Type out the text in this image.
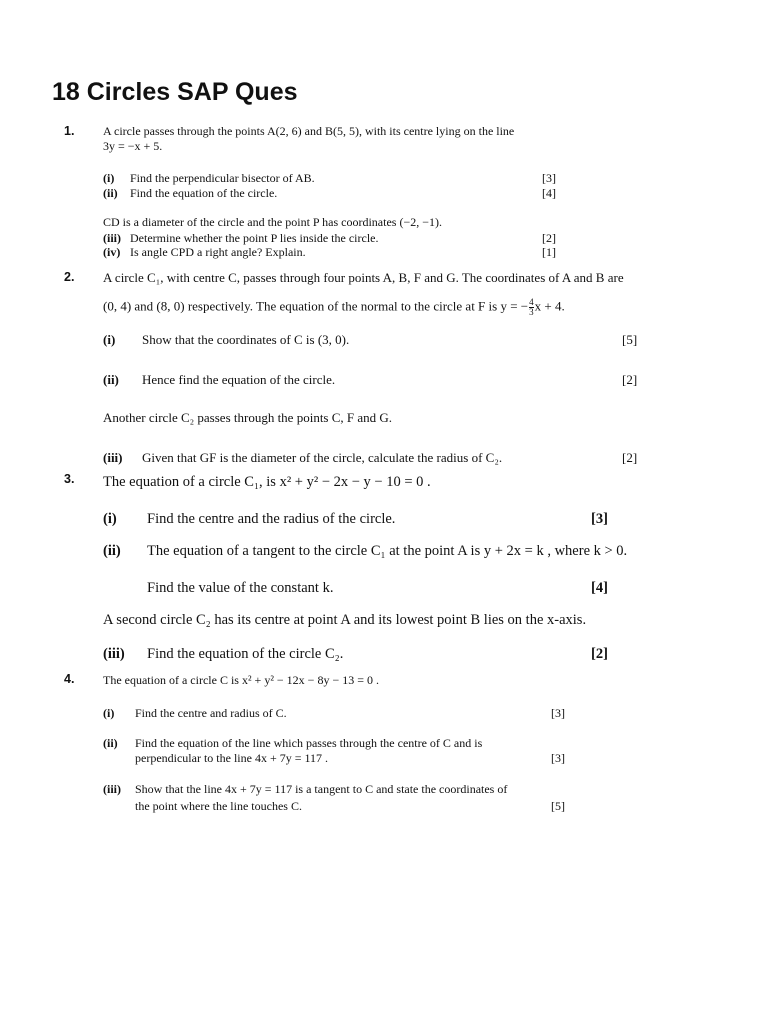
18 Circles SAP Ques
1. A circle passes through the points A(2, 6) and B(5, 5), with its centre lying on the line
3y = −x + 5.
(i) Find the perpendicular bisector of AB.	[3]
(ii) Find the equation of the circle.	[4]
CD is a diameter of the circle and the point P has coordinates (−2, −1).
(iii) Determine whether the point P lies inside the circle.	[2]
(iv) Is angle CPD a right angle? Explain.	[1]
2. A circle C₁, with centre C, passes through four points A, B, F and G. The coordinates of A and B are
(0, 4) and (8, 0) respectively. The equation of the normal to the circle at F is y = − $\frac{4}{3}$ x + 4.
(i) Show that the coordinates of C is (3, 0).	[5]
(ii) Hence find the equation of the circle.	[2]
Another circle C₂ passes through the points C, F and G.
(iii) Given that GF is the diameter of the circle, calculate the radius of C₂.	[2]
3. The equation of a circle C₁, is x² + y² − 2x − y − 10 = 0 .
(i) Find the centre and the radius of the circle.	[3]
(ii) The equation of a tangent to the circle C₁ at the point A is y + 2x = k , where k > 0.
Find the value of the constant k.	[4]
A second circle C₂ has its centre at point A and its lowest point B lies on the x-axis.
(iii) Find the equation of the circle C₂.	[2]
4. The equation of a circle C is x² + y² − 12x − 8y − 13 = 0 .
(i) Find the centre and radius of C.	[3]
(ii) Find the equation of the line which passes through the centre of C and is
perpendicular to the line 4x + 7y = 117 .	[3]
(iii) Show that the line 4x + 7y = 117 is a tangent to C and state the coordinates of
the point where the line touches C.	[5]
